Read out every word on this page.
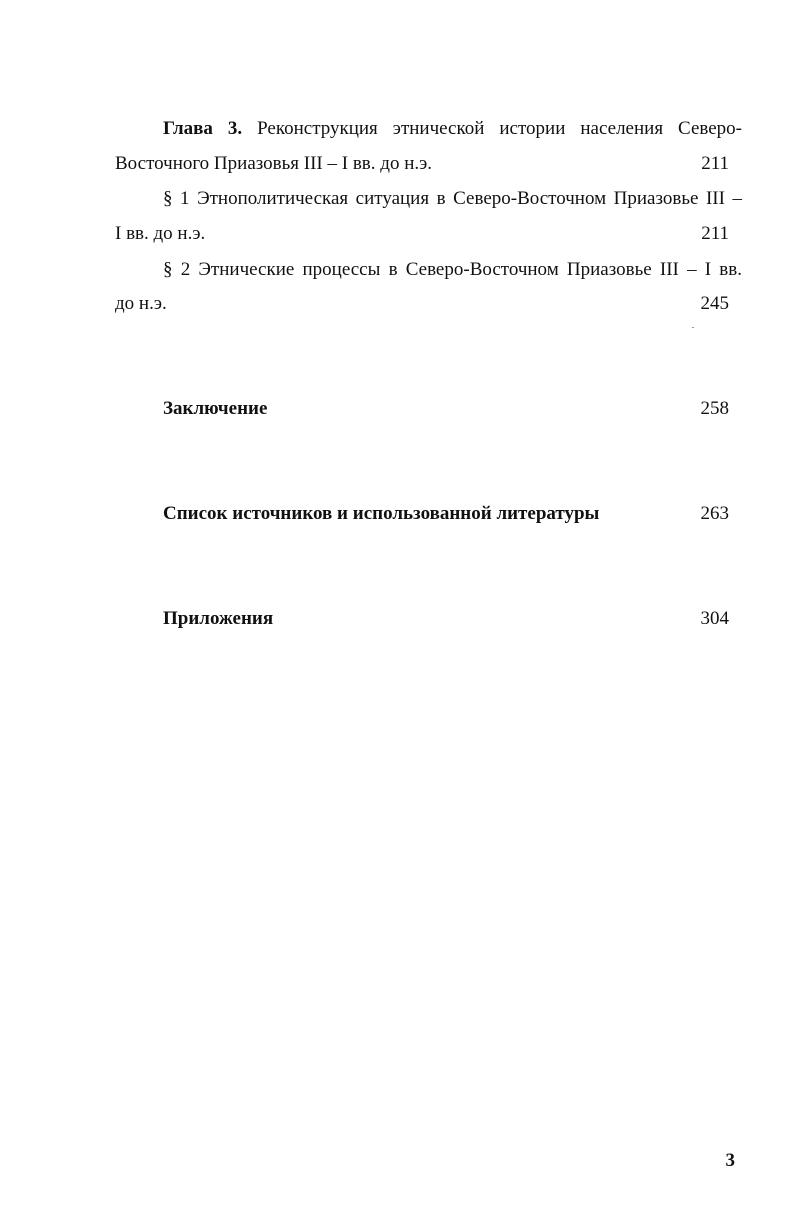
Глава 3. Реконструкция этнической истории населения Северо-
Восточного Приазовья III – I вв. до н.э.	211
§ 1 Этнополитическая ситуация в Северо-Восточном Приазовье III –
I вв. до н.э.	211
§ 2 Этнические процессы в Северо-Восточном Приазовье III – I вв.
до н.э.	245
Заключение	258
Список источников и использованной литературы	263
Приложения	304
3
